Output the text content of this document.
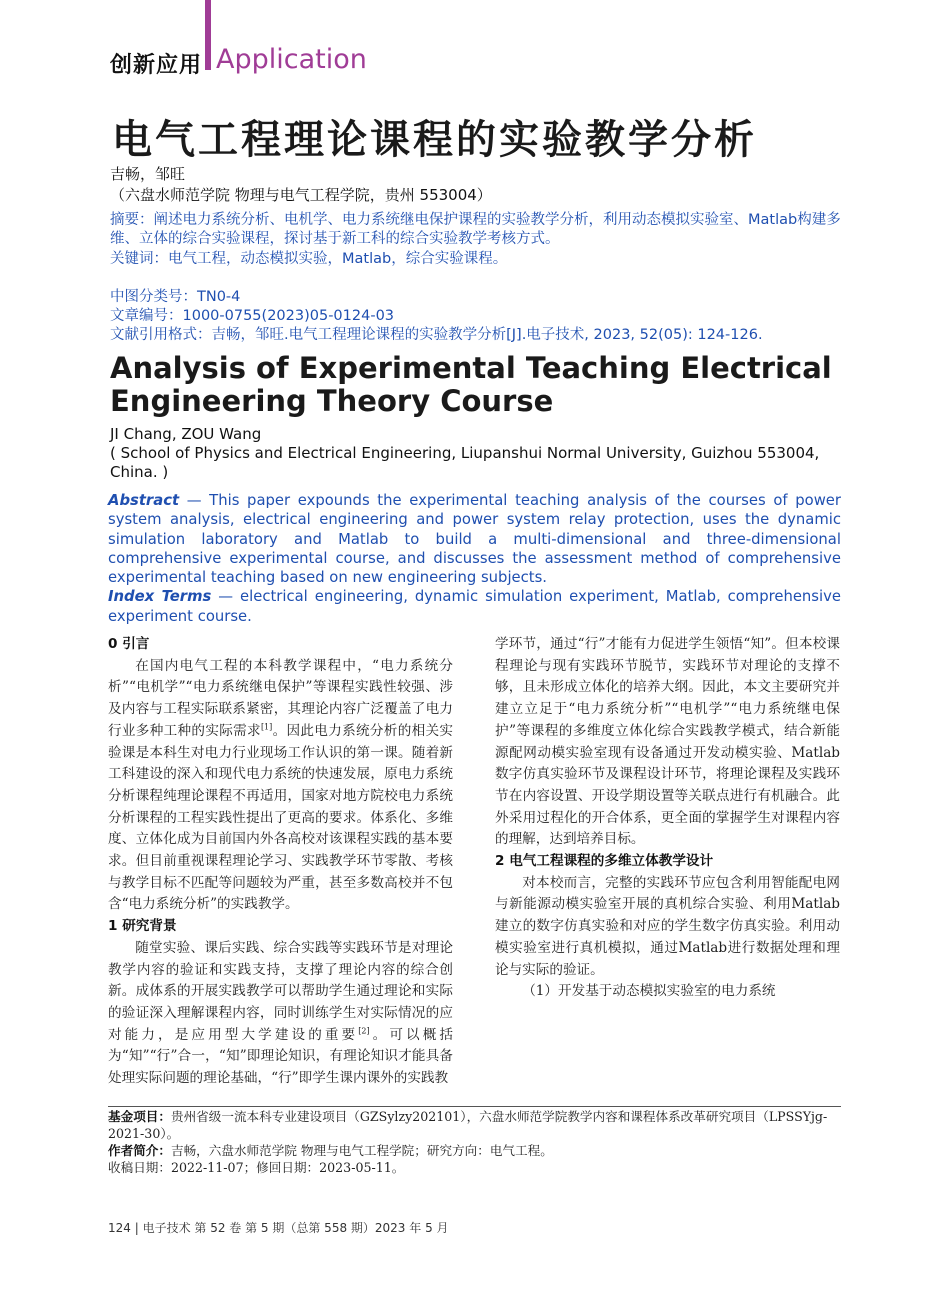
创新应用 Application
电气工程理论课程的实验教学分析
吉畅，邹旺
（六盘水师范学院 物理与电气工程学院，贵州 553004）
摘要：阐述电力系统分析、电机学、电力系统继电保护课程的实验教学分析，利用动态模拟实验室、Matlab构建多维、立体的综合实验课程，探讨基于新工科的综合实验教学考核方式。
关键词：电气工程，动态模拟实验，Matlab，综合实验课程。
中图分类号：TN0-4
文章编号：1000-0755(2023)05-0124-03
文献引用格式：吉畅，邹旺.电气工程理论课程的实验教学分析[J].电子技术, 2023, 52(05): 124-126.
Analysis of Experimental Teaching Electrical Engineering Theory Course
JI Chang, ZOU Wang
( School of Physics and Electrical Engineering, Liupanshui Normal University, Guizhou 553004, China. )
Abstract — This paper expounds the experimental teaching analysis of the courses of power system analysis, electrical engineering and power system relay protection, uses the dynamic simulation laboratory and Matlab to build a multi-dimensional and three-dimensional comprehensive experimental course, and discusses the assessment method of comprehensive experimental teaching based on new engineering subjects.
Index Terms — electrical engineering, dynamic simulation experiment, Matlab, comprehensive experiment course.
0 引言

在国内电气工程的本科教学课程中，“电力系统分析”“电机学”“电力系统继电保护”等课程实践性较强、涉及内容与工程实际联系紧密，其理论内容广泛覆盖了电力行业多种工种的实际需求[1]。因此电力系统分析的相关实验课是本科生对电力行业现场工作认识的第一课。随着新工科建设的深入和现代电力系统的快速发展，原电力系统分析课程纯理论课程不再适用，国家对地方院校电力系统分析课程的工程实践性提出了更高的要求。体系化、多维度、立体化成为目前国内外各高校对该课程实践的基本要求。但目前重视课程理论学习、实践教学环节零散、考核与教学目标不匹配等问题较为严重，甚至多数高校并不包含“电力系统分析”的实践教学。

1 研究背景

随堂实验、课后实践、综合实践等实践环节是对理论教学内容的验证和实践支持，支撑了理论内容的综合创新。成体系的开展实践教学可以帮助学生通过理论和实际的验证深入理解课程内容，同时训练学生对实际情况的应对能力，是应用型大学建设的重要[2]。可以概括为“知”“行”合一，“知”即理论知识，有理论知识才能具备处理实际问题的理论基础，“行”即学生课内课外的实践教

学环节，通过“行”才能有力促进学生领悟“知”。但本校课程理论与现有实践环节脱节，实践环节对理论的支撑不够，且未形成立体化的培养大纲。因此，本文主要研究并建立立足于“电力系统分析”“电机学”“电力系统继电保护”等课程的多维度立体化综合实践教学模式，结合新能源配网动模实验室现有设备通过开发动模实验、Matlab数字仿真实验环节及课程设计环节，将理论课程及实践环节在内容设置、开设学期设置等关联点进行有机融合。此外采用过程化的开合体系，更全面的掌握学生对课程内容的理解，达到培养目标。

2 电气工程课程的多维立体教学设计

对本校而言，完整的实践环节应包含利用智能配电网与新能源动模实验室开展的真机综合实验、利用Matlab建立的数字仿真实验和对应的学生数字仿真实验。利用动模实验室进行真机模拟，通过Matlab进行数据处理和理论与实际的验证。

（1）开发基于动态模拟实验室的电力系统

基金项目：贵州省级一流本科专业建设项目（GZSylzy202101），六盘水师范学院教学内容和课程体系改革研究项目（LPSSYjg-2021-30）。
作者简介：吉畅，六盘水师范学院 物理与电气工程学院；研究方向：电气工程。
收稿日期：2022-11-07；修回日期：2023-05-11。
124 | 电子技术 第 52 卷 第 5 期（总第 558 期）2023 年 5 月
